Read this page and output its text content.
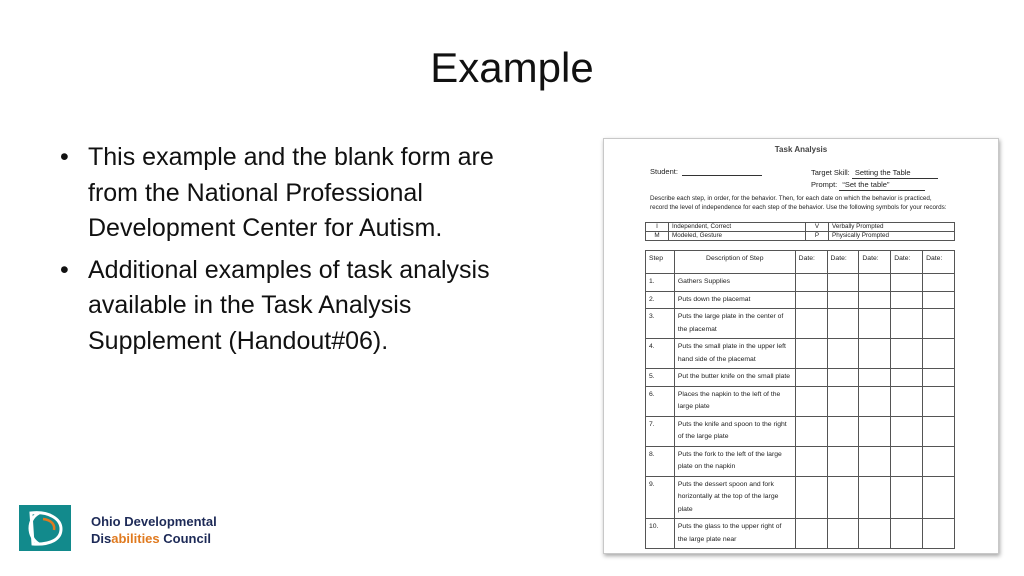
Example
• This example and the blank form are from the National Professional Development Center for Autism.
• Additional examples of task analysis available in the Task Analysis Supplement (Handout#06).
Task Analysis
Student:	Target Skill: Setting the Table
Prompt: “Set the table”
Describe each step, in order, for the behavior. Then, for each date on which the behavior is practiced, record the level of independence for each step of the behavior. Use the following symbols for your records:
I	Independent, Correct	V	Verbally Prompted
M	Modeled, Gesture	P	Physically Prompted
Step	Description of Step	Date:	Date:	Date:	Date:	Date:
1.	Gathers Supplies					
2.	Puts down the placemat					
3.	Puts the large plate in the center of the placemat					
4.	Puts the small plate in the upper left hand side of the placemat					
5.	Put the butter knife on the small plate					
6.	Places the napkin to the left of the large plate					
7.	Puts the knife and spoon to the right of the large plate					
8.	Puts the fork to the left of the large plate on the napkin					
9.	Puts the dessert spoon and fork horizontally at the top of the large plate					
10.	Puts the glass to the upper right of the large plate near					
Ohio Developmental
Disabilities Council
